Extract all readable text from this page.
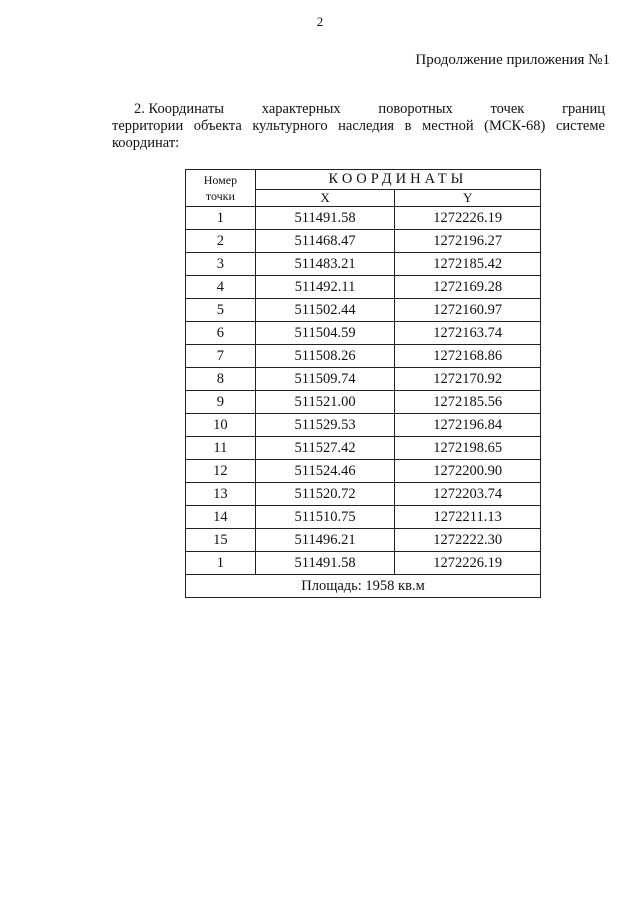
2
Продолжение приложения №1
2. Координаты	характерных	поворотных	точек	границ
территории объекта культурного наследия в местной (МСК-68) системе
координат:
Номер
точки	КООРДИНАТЫ	
	X	Y
1	511491.58	1272226.19
2	511468.47	1272196.27
3	511483.21	1272185.42
4	511492.11	1272169.28
5	511502.44	1272160.97
6	511504.59	1272163.74
7	511508.26	1272168.86
8	511509.74	1272170.92
9	511521.00	1272185.56
10	511529.53	1272196.84
11	511527.42	1272198.65
12	511524.46	1272200.90
13	511520.72	1272203.74
14	511510.75	1272211.13
15	511496.21	1272222.30
1	511491.58	1272226.19
Площадь: 1958 кв.м		
